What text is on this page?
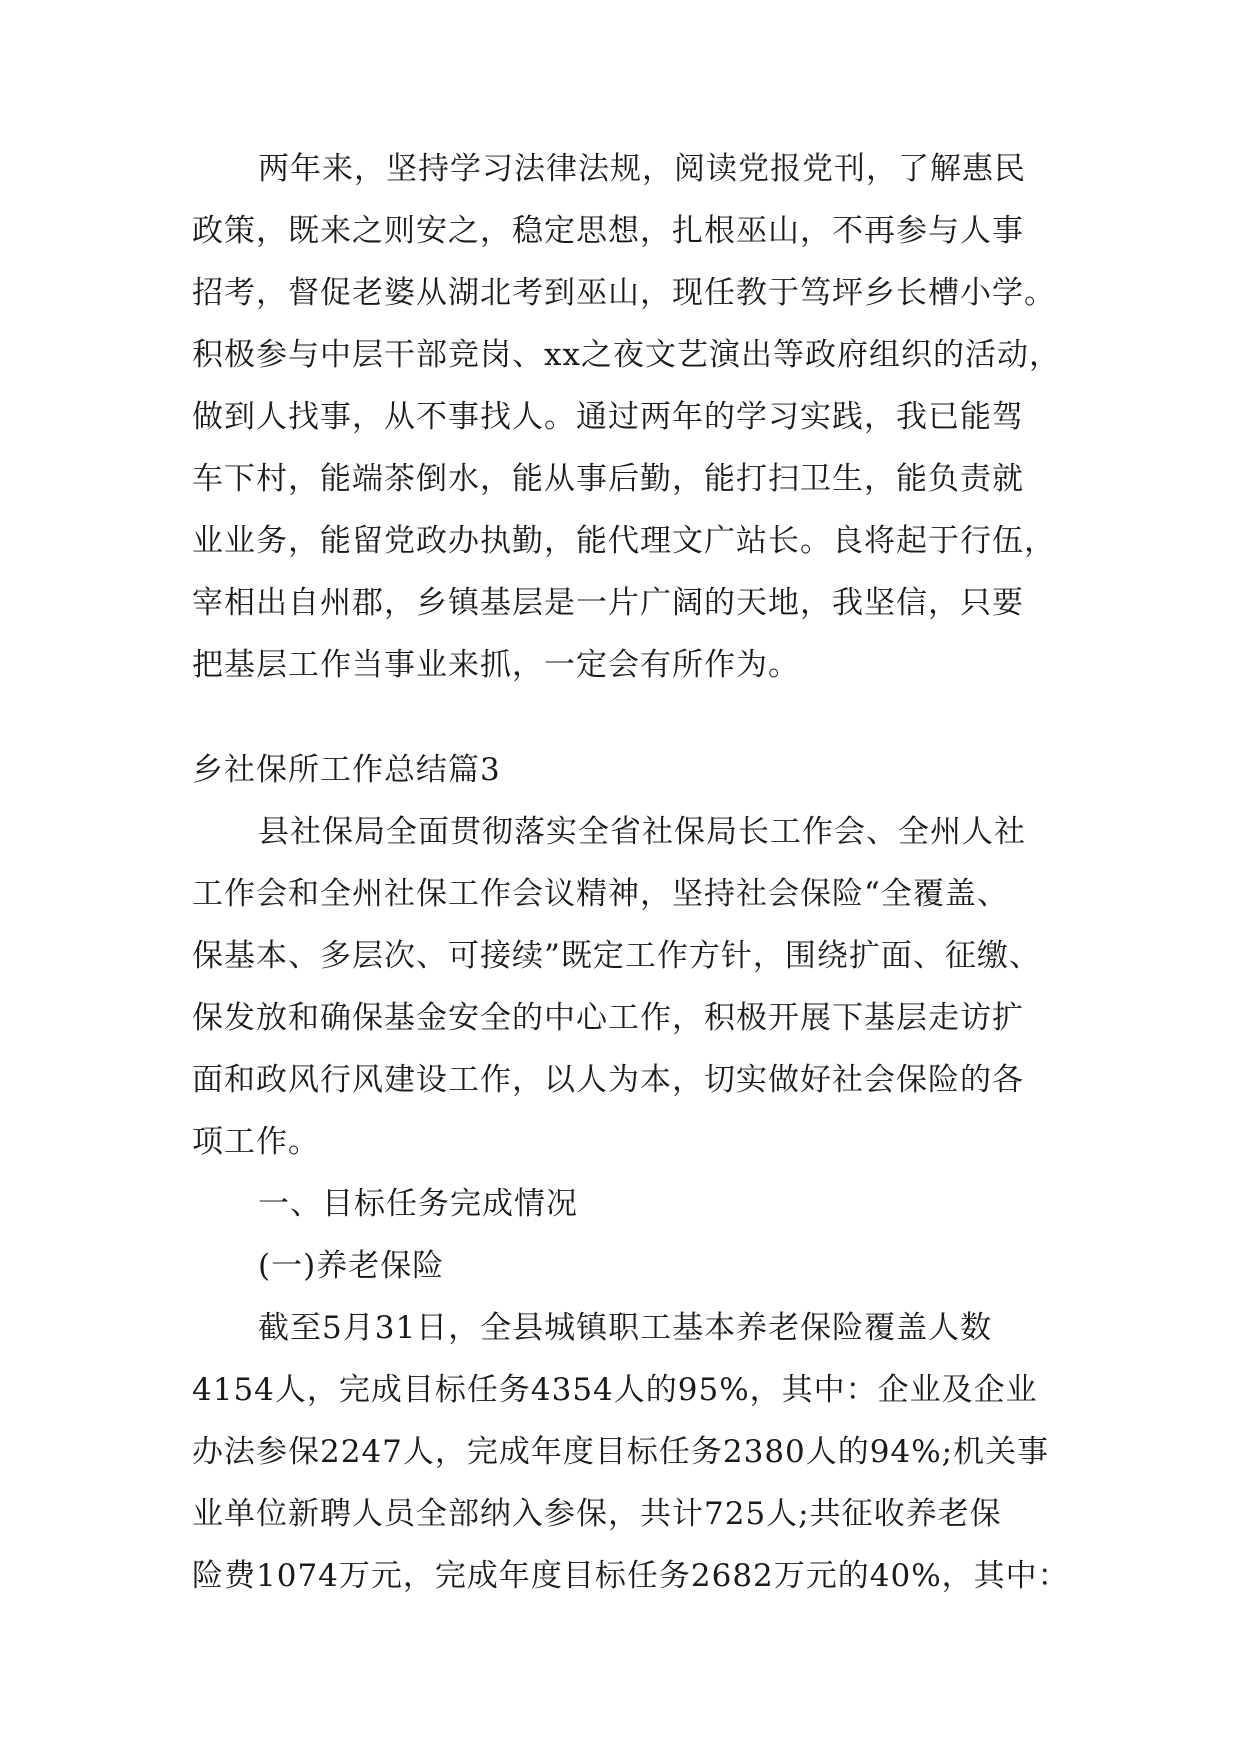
两年来，坚持学习法律法规，阅读党报党刊，了解惠民
政策，既来之则安之，稳定思想，扎根巫山，不再参与人事
招考，督促老婆从湖北考到巫山，现任教于笃坪乡长槽小学。
积极参与中层干部竞岗、xx之夜文艺演出等政府组织的活动，
做到人找事，从不事找人。通过两年的学习实践，我已能驾
车下村，能端茶倒水，能从事后勤，能打扫卫生，能负责就
业业务，能留党政办执勤，能代理文广站长。良将起于行伍，
宰相出自州郡，乡镇基层是一片广阔的天地，我坚信，只要
把基层工作当事业来抓，一定会有所作为。
乡社保所工作总结篇3
县社保局全面贯彻落实全省社保局长工作会、全州人社
工作会和全州社保工作会议精神，坚持社会保险“全覆盖、
保基本、多层次、可接续”既定工作方针，围绕扩面、征缴、
保发放和确保基金安全的中心工作，积极开展下基层走访扩
面和政风行风建设工作，以人为本，切实做好社会保险的各
项工作。
一、目标任务完成情况
(一)养老保险
截至5月31日，全县城镇职工基本养老保险覆盖人数
4154人，完成目标任务4354人的95%，其中：企业及企业
办法参保2247人，完成年度目标任务2380人的94%;机关事
业单位新聘人员全部纳入参保，共计725人;共征收养老保
险费1074万元，完成年度目标任务2682万元的40%，其中：
